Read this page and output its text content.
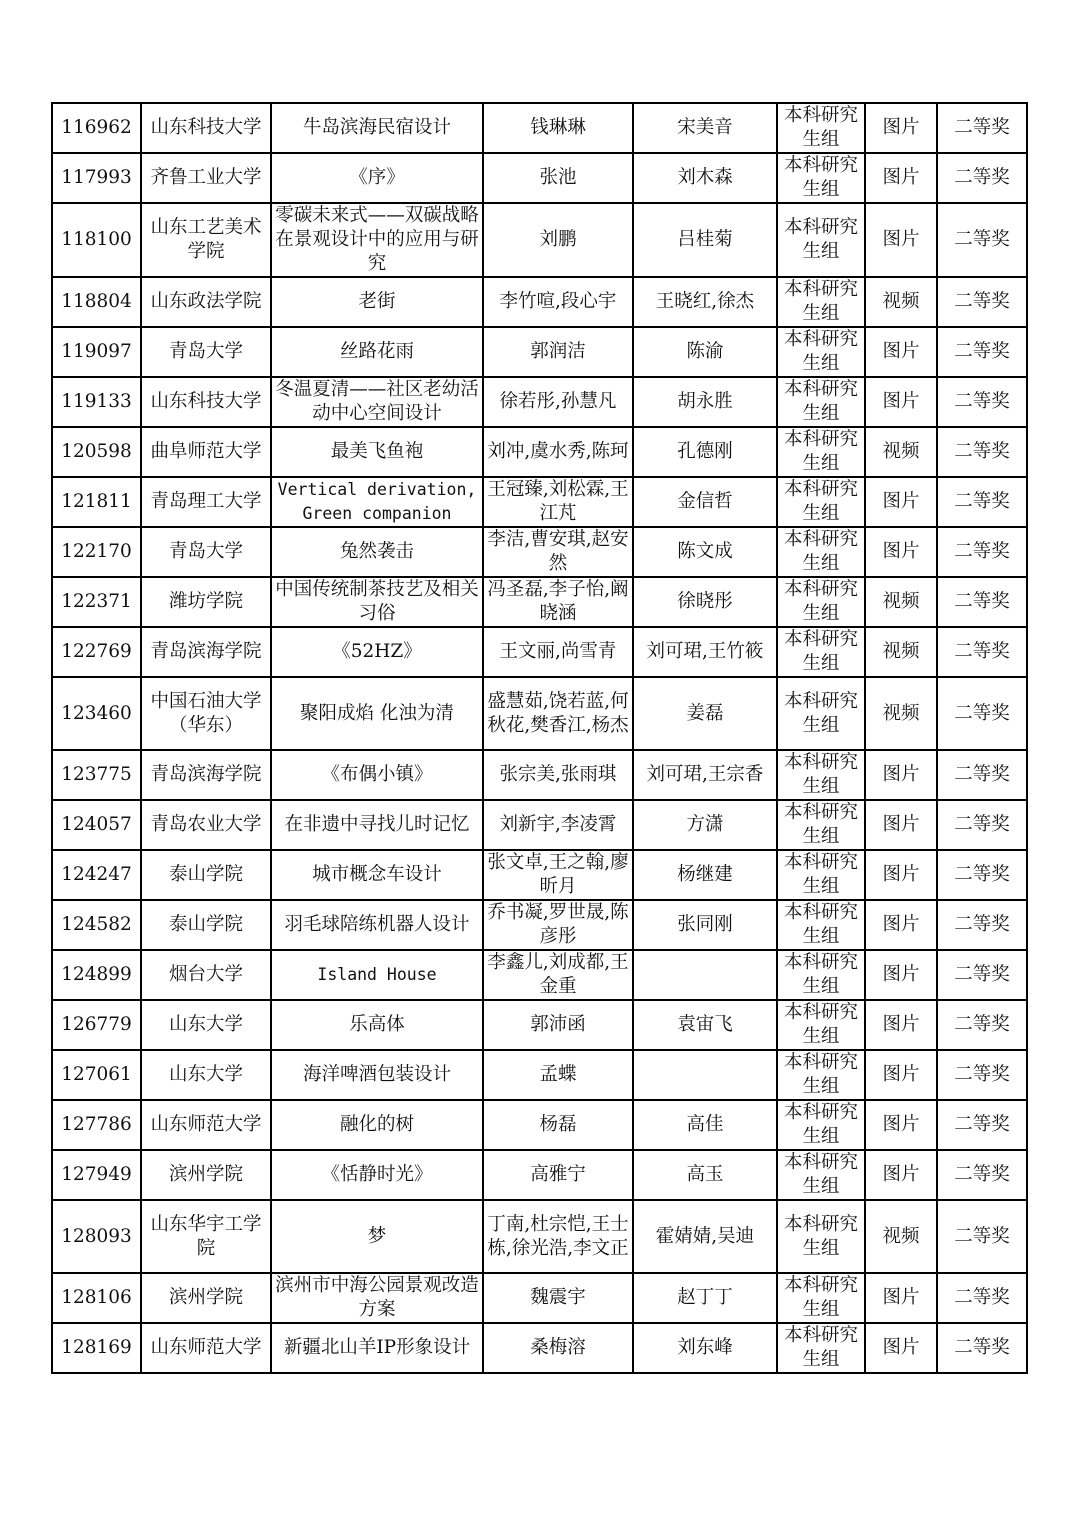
116962	山东科技大学	牛岛滨海民宿设计	钱琳琳	宋美音	本科研究生组	图片	二等奖
117993	齐鲁工业大学	《序》	张池	刘木森	本科研究生组	图片	二等奖
118100	山东工艺美术学院	零碳未来式——双碳战略在景观设计中的应用与研究	刘鹏	吕桂菊	本科研究生组	图片	二等奖
118804	山东政法学院	老街	李竹喧,段心宇	王晓红,徐杰	本科研究生组	视频	二等奖
119097	青岛大学	丝路花雨	郭润洁	陈渝	本科研究生组	图片	二等奖
119133	山东科技大学	冬温夏清——社区老幼活动中心空间设计	徐若彤,孙慧凡	胡永胜	本科研究生组	图片	二等奖
120598	曲阜师范大学	最美飞鱼袍	刘冲,虞水秀,陈珂	孔德刚	本科研究生组	视频	二等奖
121811	青岛理工大学	Vertical derivation, Green companion	王冠臻,刘松霖,王江芃	金信哲	本科研究生组	图片	二等奖
122170	青岛大学	兔然袭击	李洁,曹安琪,赵安然	陈文成	本科研究生组	图片	二等奖
122371	潍坊学院	中国传统制茶技艺及相关习俗	冯圣磊,李子怡,阚晓涵	徐晓彤	本科研究生组	视频	二等奖
122769	青岛滨海学院	《52HZ》	王文丽,尚雪青	刘可珺,王竹筱	本科研究生组	视频	二等奖
123460	中国石油大学（华东）	聚阳成焰 化浊为清	盛慧茹,饶若蓝,何秋花,樊香江,杨杰	姜磊	本科研究生组	视频	二等奖
123775	青岛滨海学院	《布偶小镇》	张宗美,张雨琪	刘可珺,王宗香	本科研究生组	图片	二等奖
124057	青岛农业大学	在非遗中寻找儿时记忆	刘新宇,李凌霄	方潇	本科研究生组	图片	二等奖
124247	泰山学院	城市概念车设计	张文卓,王之翰,廖昕月	杨继建	本科研究生组	图片	二等奖
124582	泰山学院	羽毛球陪练机器人设计	乔书凝,罗世晟,陈彦彤	张同刚	本科研究生组	图片	二等奖
124899	烟台大学	Island House	李鑫儿,刘成都,王金重		本科研究生组	图片	二等奖
126779	山东大学	乐高体	郭沛函	袁宙飞	本科研究生组	图片	二等奖
127061	山东大学	海洋啤酒包装设计	孟蝶		本科研究生组	图片	二等奖
127786	山东师范大学	融化的树	杨磊	高佳	本科研究生组	图片	二等奖
127949	滨州学院	《恬静时光》	高雅宁	高玉	本科研究生组	图片	二等奖
128093	山东华宇工学院	梦	丁南,杜宗恺,王士栋,徐光浩,李文正	霍婧婧,吴迪	本科研究生组	视频	二等奖
128106	滨州学院	滨州市中海公园景观改造方案	魏震宇	赵丁丁	本科研究生组	图片	二等奖
128169	山东师范大学	新疆北山羊IP形象设计	桑梅溶	刘东峰	本科研究生组	图片	二等奖
